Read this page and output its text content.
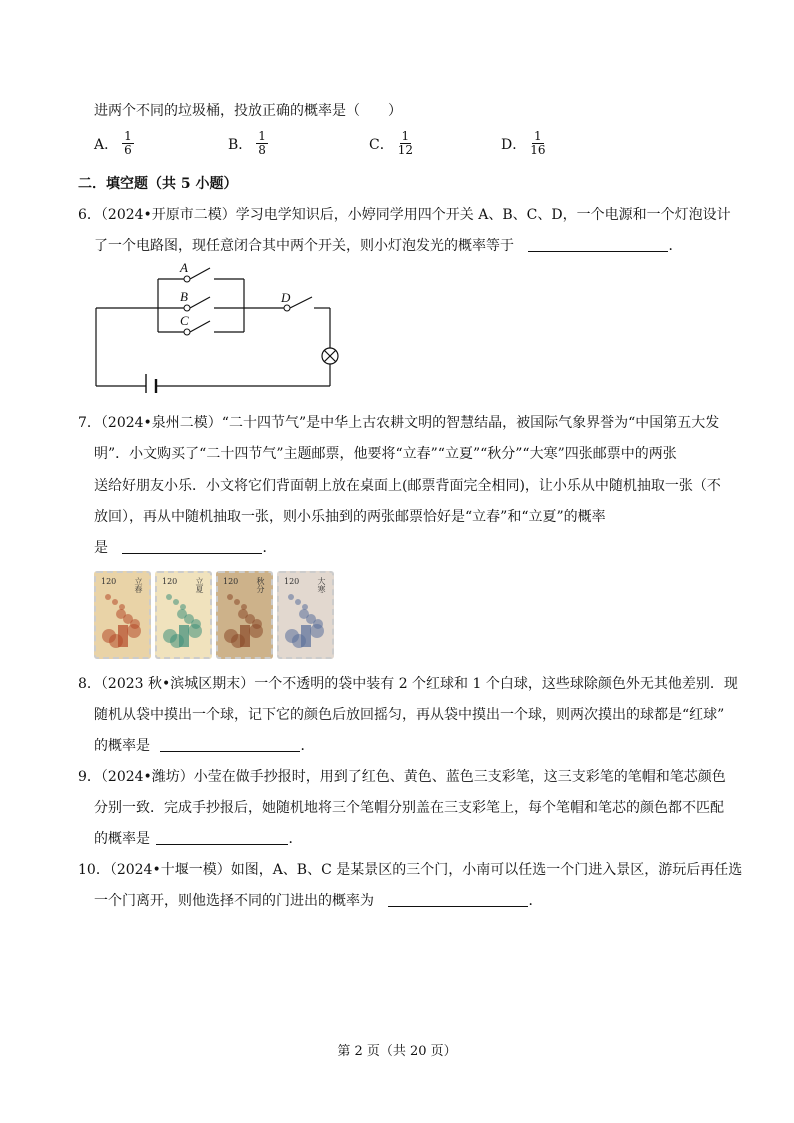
进两个不同的垃圾桶，投放正确的概率是（　　）
A． $\frac{1}{6}$	B． $\frac{1}{8}$	C． $\frac{1}{12}$	D． $\frac{1}{16}$
二．填空题（共 5 小题）
6．（2024•开原市二模）学习电学知识后，小婷同学用四个开关 A、B、C、D，一个电源和一个灯泡设计
了一个电路图，现任意闭合其中两个开关，则小灯泡发光的概率等于	．
A
B
C
D
7．（2024•泉州二模）“二十四节气”是中华上古农耕文明的智慧结晶，被国际气象界誉为“中国第五大发
明”．小文购买了“二十四节气”主题邮票，他要将“立春”“立夏”“秋分”“大寒”四张邮票中的两张
送给好朋友小乐．小文将它们背面朝上放在桌面上(邮票背面完全相同)，让小乐从中随机抽取一张（不
放回），再从中随机抽取一张，则小乐抽到的两张邮票恰好是“立春”和“立夏”的概率
是	．
120 立春 120 立夏 120 秋分 120 大寒
8．（2023 秋•滨城区期末）一个不透明的袋中装有 2 个红球和 1 个白球，这些球除颜色外无其他差别．现
随机从袋中摸出一个球，记下它的颜色后放回摇匀，再从袋中摸出一个球，则两次摸出的球都是“红球”
的概率是	．
9．（2024•潍坊）小莹在做手抄报时，用到了红色、黄色、蓝色三支彩笔，这三支彩笔的笔帽和笔芯颜色
分别一致．完成手抄报后，她随机地将三个笔帽分别盖在三支彩笔上，每个笔帽和笔芯的颜色都不匹配
的概率是	．
10．（2024•十堰一模）如图，A、B、C 是某景区的三个门，小南可以任选一个门进入景区，游玩后再任选
一个门离开，则他选择不同的门进出的概率为	．
第 2 页（共 20 页）
